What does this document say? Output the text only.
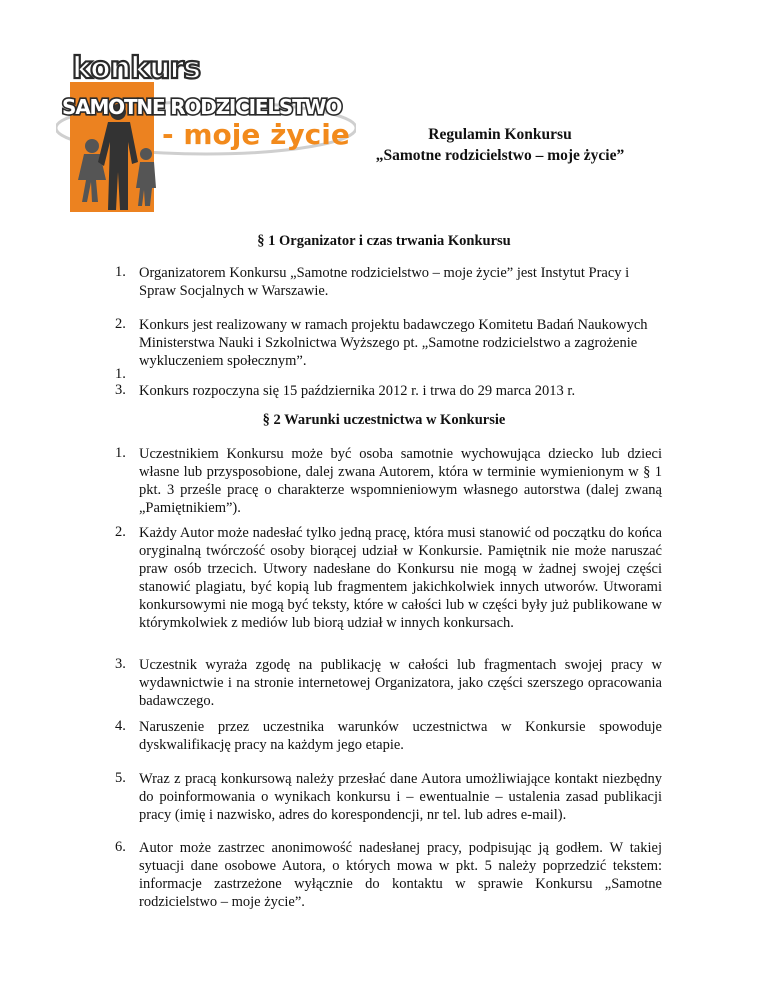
konkurs
SAMOTNE RODZICIELSTWO
- moje życie	Regulamin Konkursu
„Samotne rodzicielstwo – moje życie”
§ 1 Organizator i czas trwania Konkursu
1. Organizatorem Konkursu „Samotne rodzicielstwo – moje życie” jest Instytut Pracy i Spraw Socjalnych w Warszawie.
2. Konkurs jest realizowany w ramach projektu badawczego Komitetu Badań Naukowych Ministerstwa Nauki i Szkolnictwa Wyższego pt. „Samotne rodzicielstwo a zagrożenie wykluczeniem społecznym”.
1.
3. Konkurs rozpoczyna się 15 października 2012 r. i trwa do 29 marca 2013 r.
§ 2 Warunki uczestnictwa w Konkursie
1. Uczestnikiem Konkursu może być osoba samotnie wychowująca dziecko lub dzieci własne lub przysposobione, dalej zwana Autorem, która w terminie wymienionym w § 1 pkt. 3 prześle pracę o charakterze wspomnieniowym własnego autorstwa (dalej zwaną „Pamiętnikiem”).
2. Każdy Autor może nadesłać tylko jedną pracę, która musi stanowić od początku do końca oryginalną twórczość osoby biorącej udział w Konkursie. Pamiętnik nie może naruszać praw osób trzecich. Utwory nadesłane do Konkursu nie mogą w żadnej swojej części stanowić plagiatu, być kopią lub fragmentem jakichkolwiek innych utworów. Utworami konkursowymi nie mogą być teksty, które w całości lub w części były już publikowane w którymkolwiek z mediów lub biorą udział w innych konkursach.
3. Uczestnik wyraża zgodę na publikację w całości lub fragmentach swojej pracy w wydawnictwie i na stronie internetowej Organizatora, jako części szerszego opracowania badawczego.
4. Naruszenie przez uczestnika warunków uczestnictwa w Konkursie spowoduje dyskwalifikację pracy na każdym jego etapie.
5. Wraz z pracą konkursową należy przesłać dane Autora umożliwiające kontakt niezbędny do poinformowania o wynikach konkursu i – ewentualnie – ustalenia zasad publikacji pracy (imię i nazwisko, adres do korespondencji, nr tel. lub adres e-mail).
6. Autor może zastrzec anonimowość nadesłanej pracy, podpisując ją godłem. W takiej sytuacji dane osobowe Autora, o których mowa w pkt. 5 należy poprzedzić tekstem: informacje zastrzeżone wyłącznie do kontaktu w sprawie Konkursu „Samotne rodzicielstwo – moje życie”.
